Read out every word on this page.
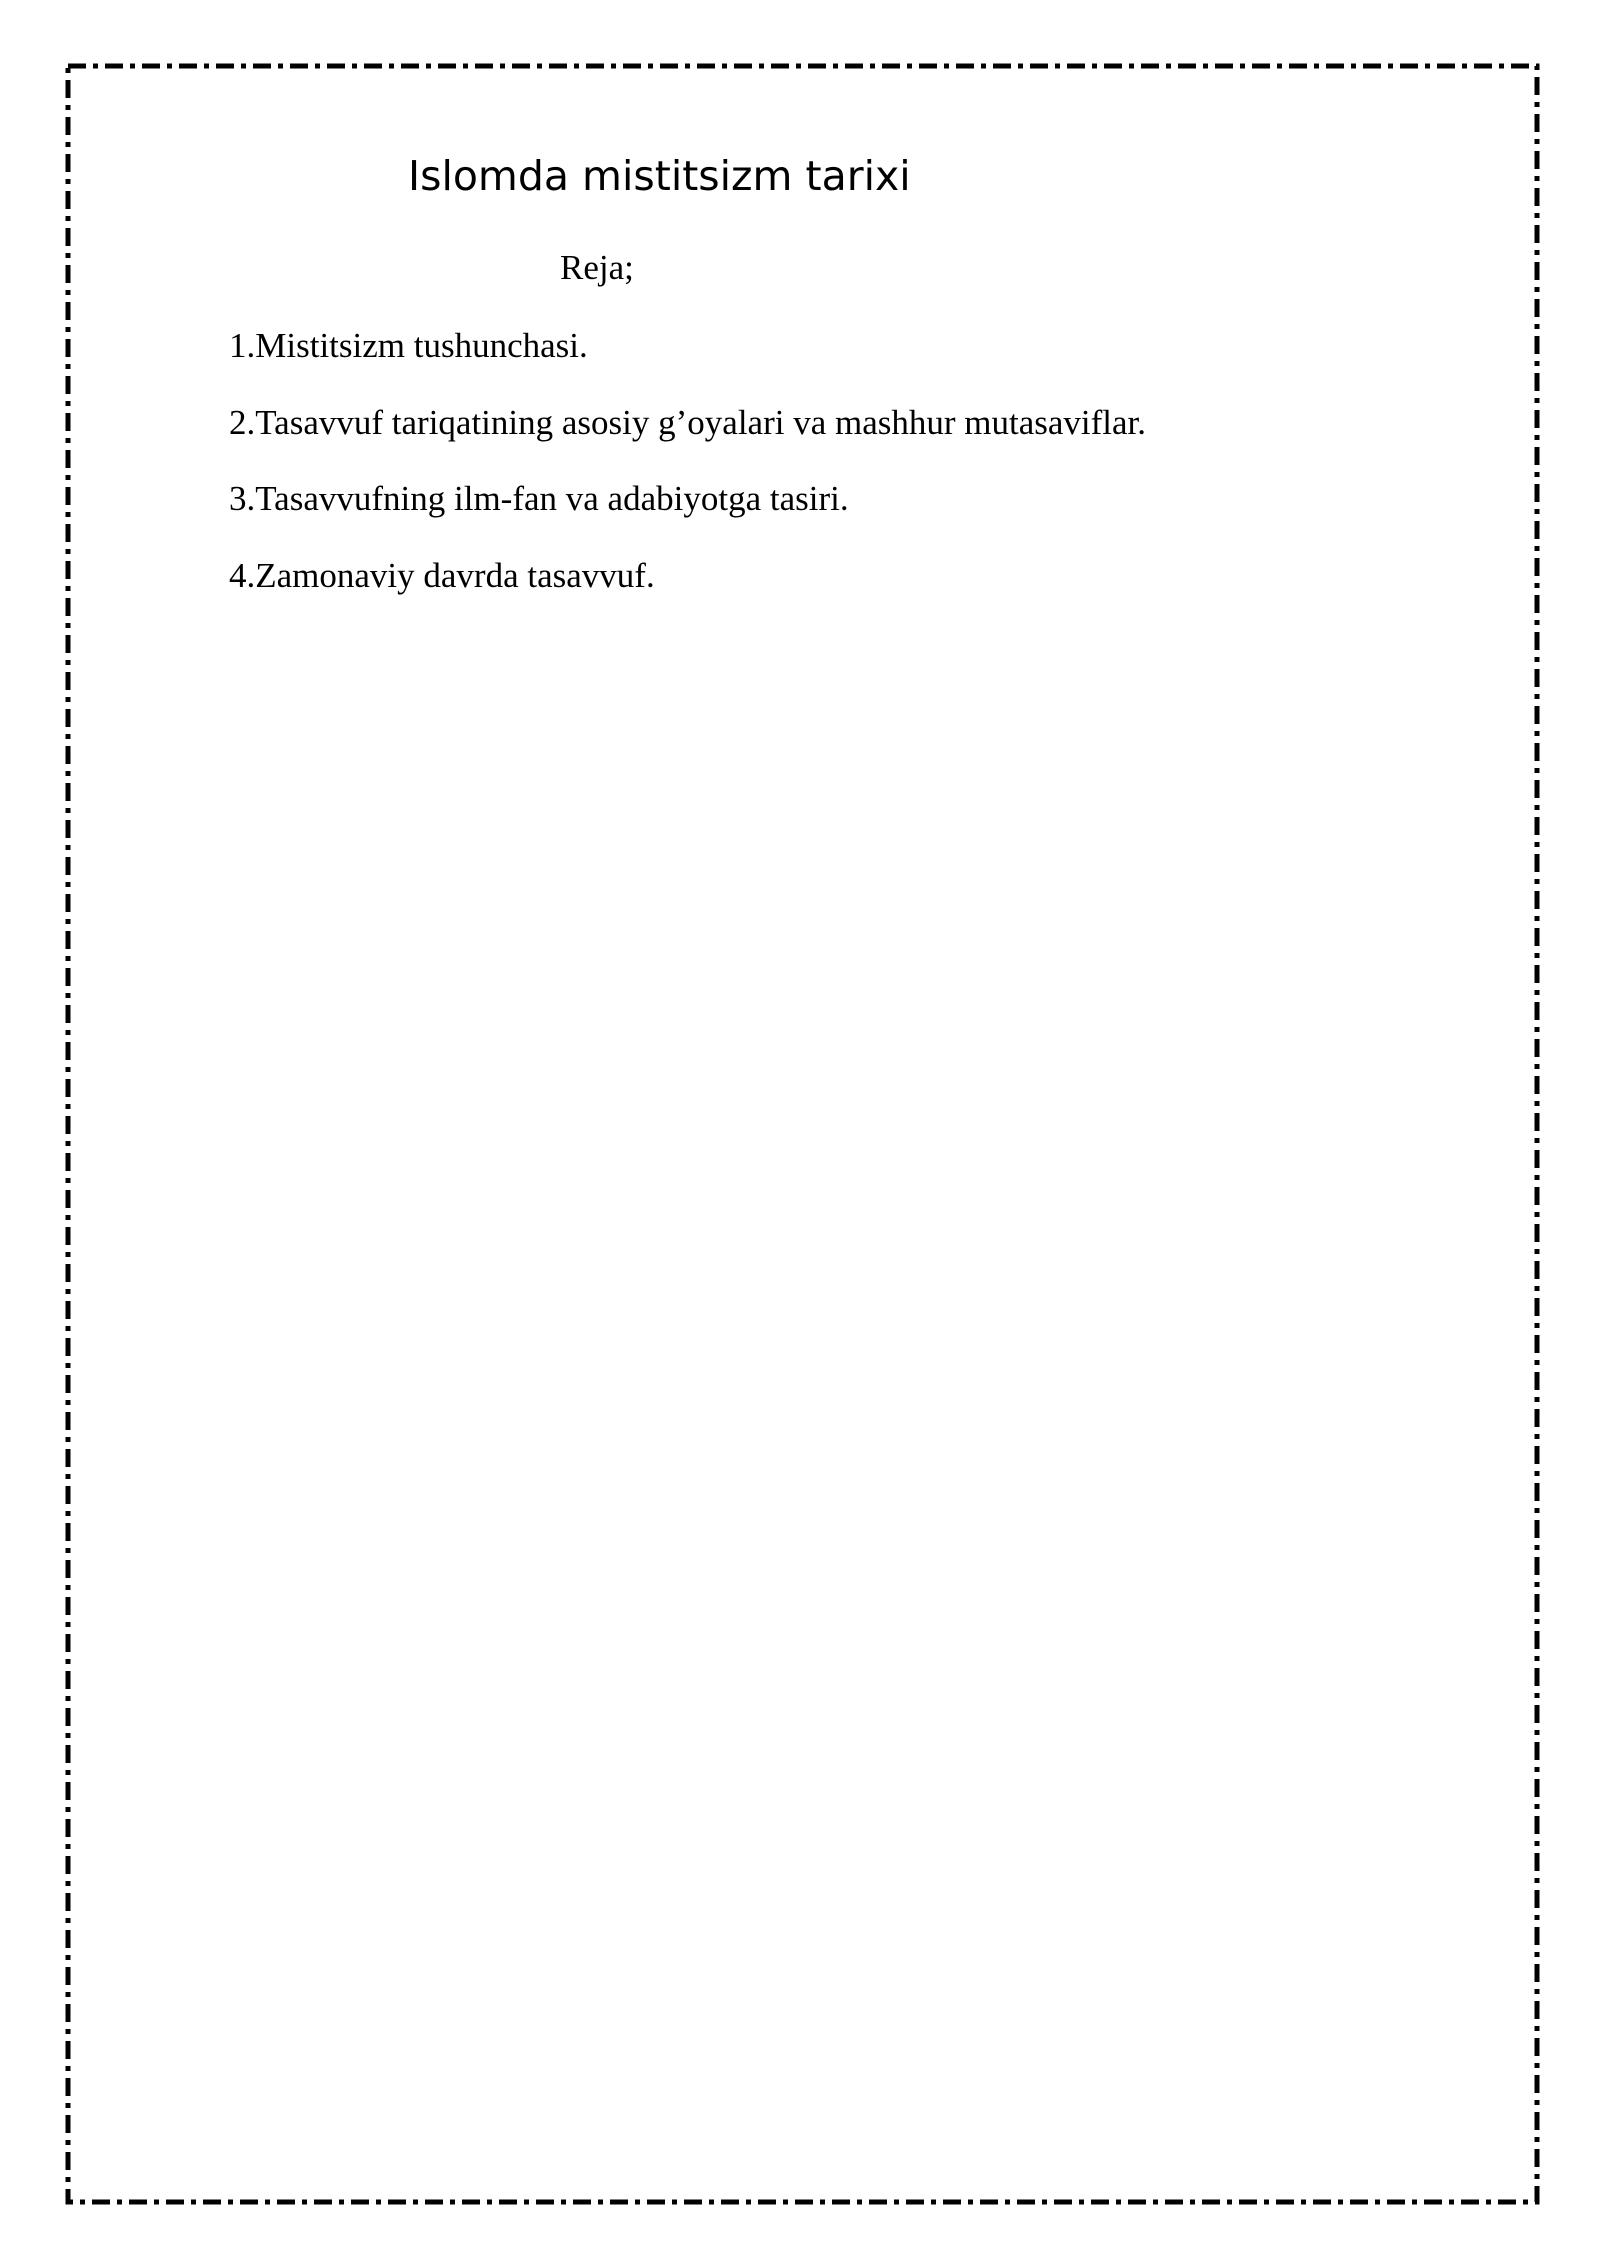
Islomda mistitsizm tarixi

Reja;

1.Mistitsizm tushunchasi.
2.Tasavvuf tariqatining asosiy g’oyalari va mashhur mutasaviflar.
3.Tasavvufning ilm-fan va adabiyotga tasiri.
4.Zamonaviy davrda tasavvuf.
